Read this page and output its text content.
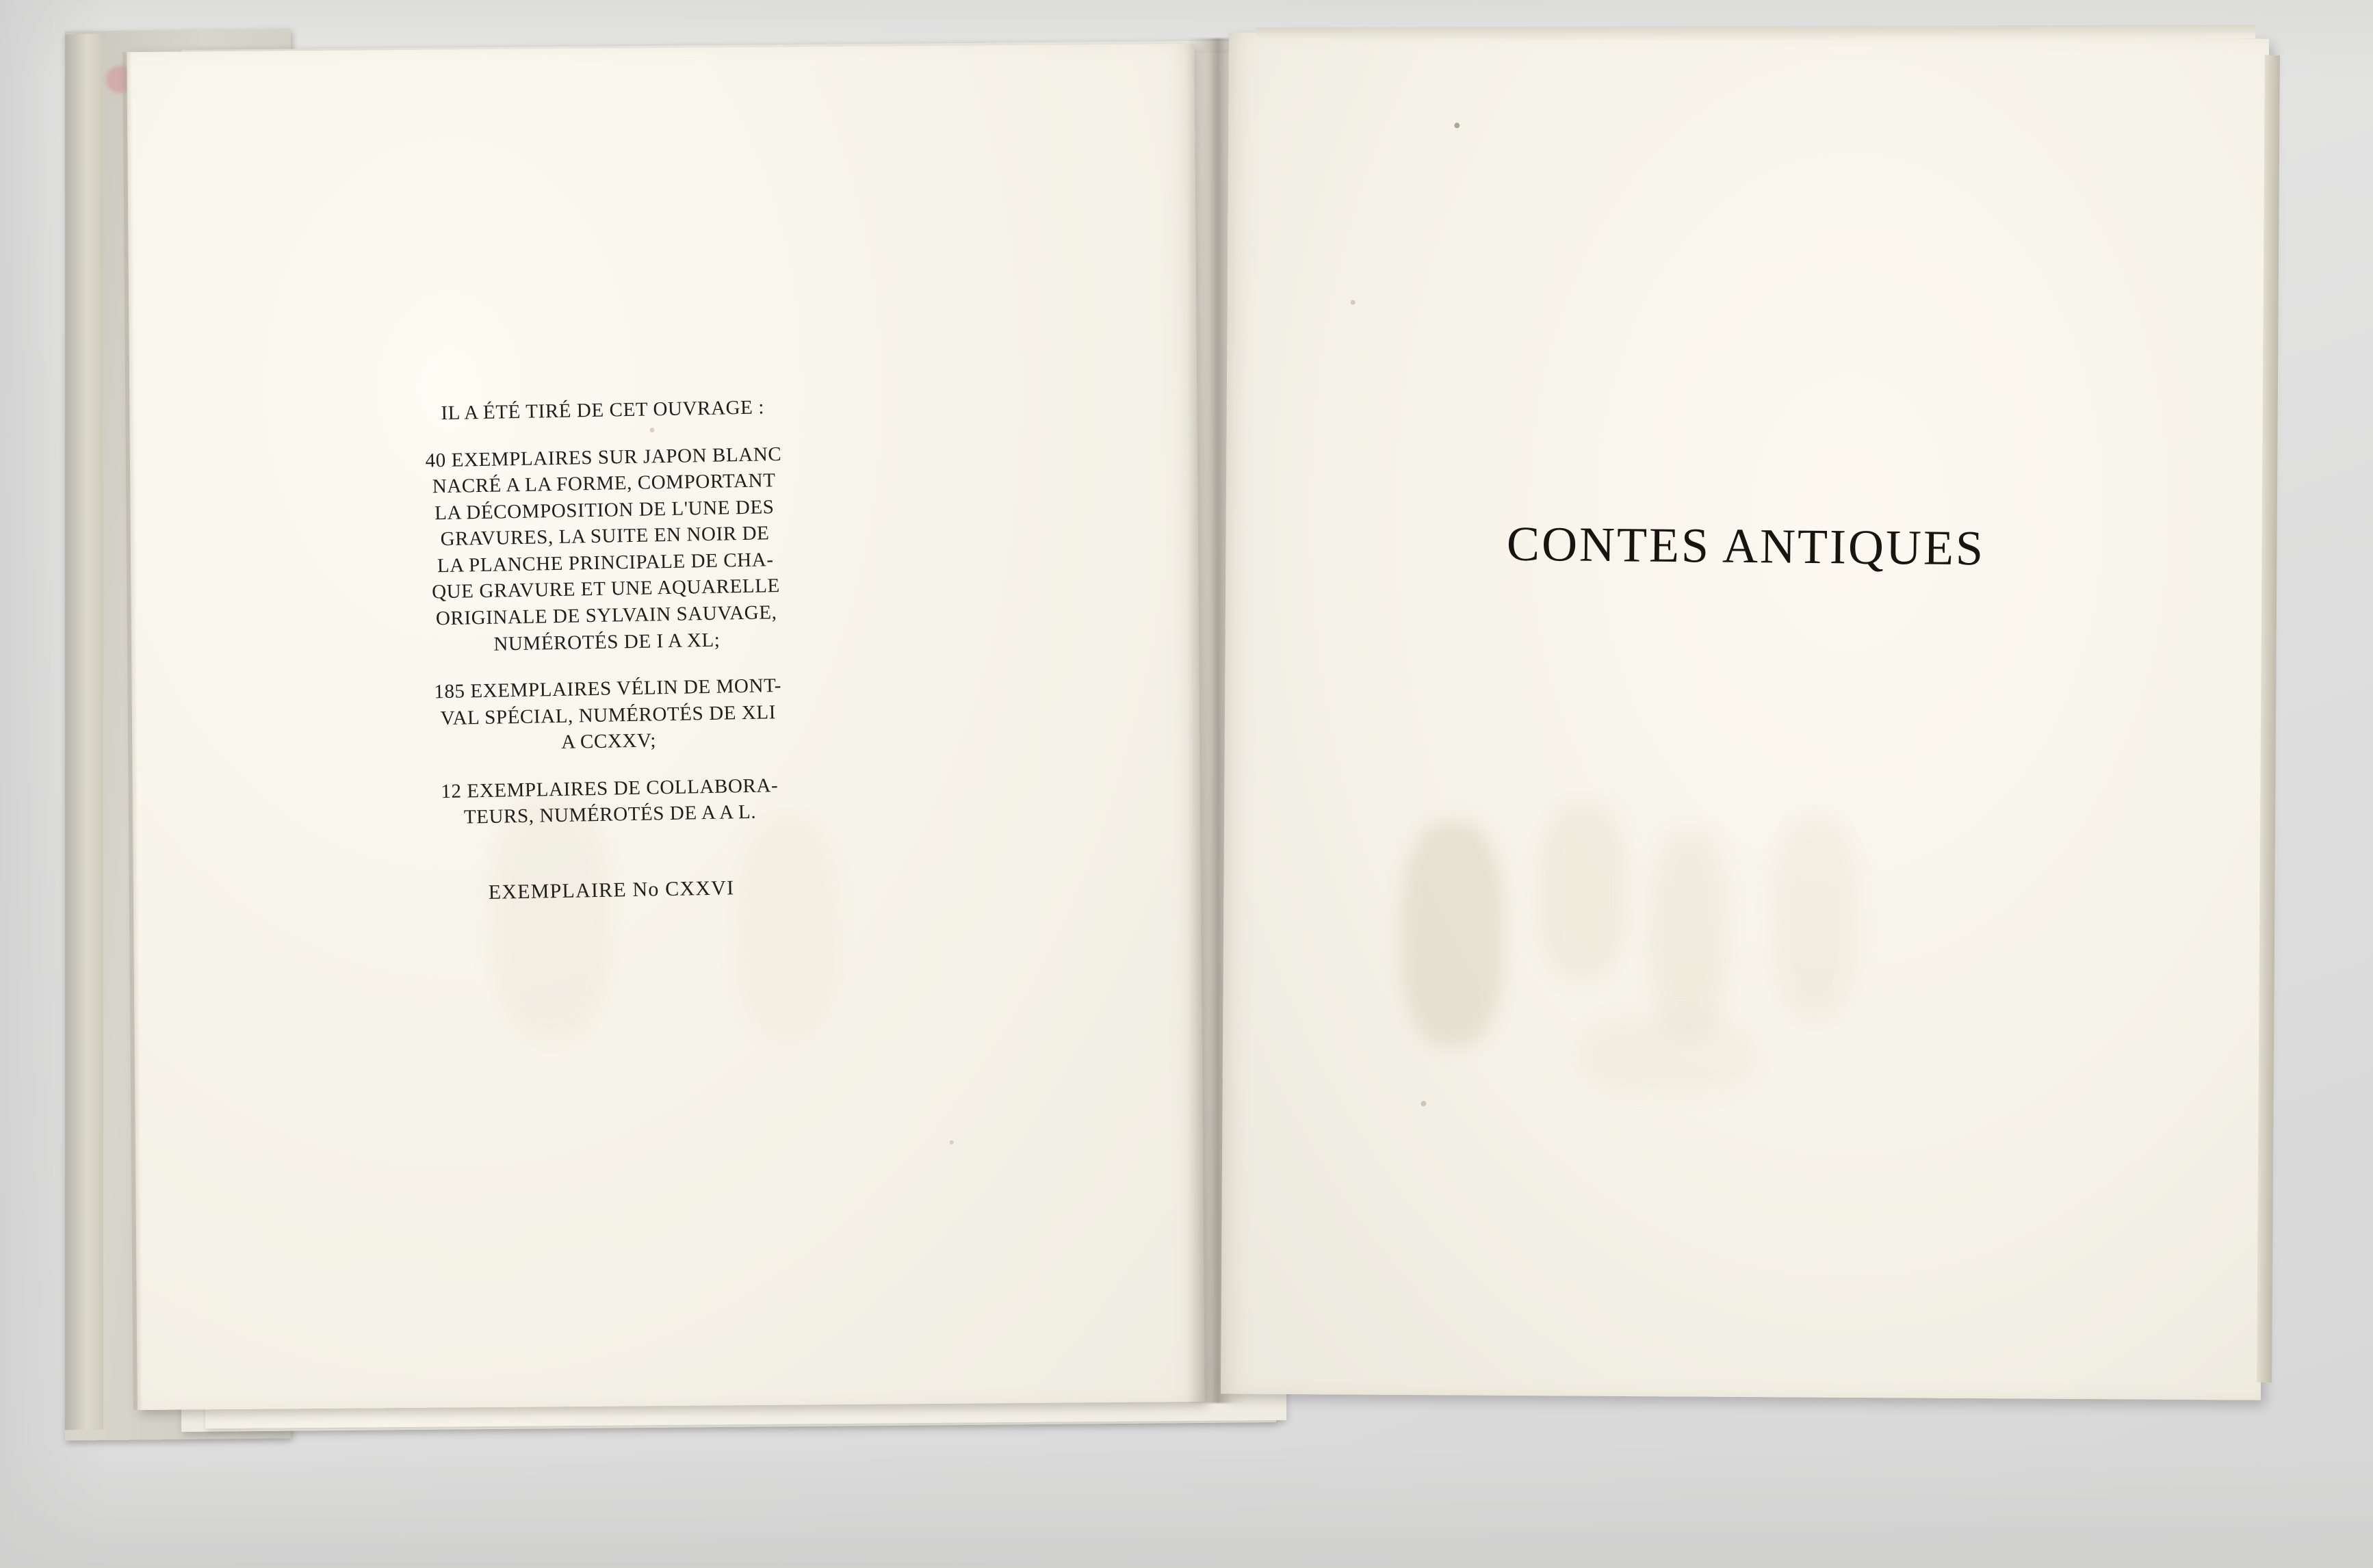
IL A ÉTÉ TIRÉ DE CET OUVRAGE :
40 EXEMPLAIRES SUR JAPON BLANC
NACRÉ A LA FORME, COMPORTANT
LA DÉCOMPOSITION DE L'UNE DES
GRAVURES, LA SUITE EN NOIR DE
LA PLANCHE PRINCIPALE DE CHA-
QUE GRAVURE ET UNE AQUARELLE
ORIGINALE DE SYLVAIN SAUVAGE,
NUMÉROTÉS DE I A XL;
185 EXEMPLAIRES VÉLIN DE MONT-
VAL SPÉCIAL, NUMÉROTÉS DE XLI
A CCXXV;
12 EXEMPLAIRES DE COLLABORA-
TEURS, NUMÉROTÉS DE A A L.
EXEMPLAIRE No CXXVI
CONTES ANTIQUES
